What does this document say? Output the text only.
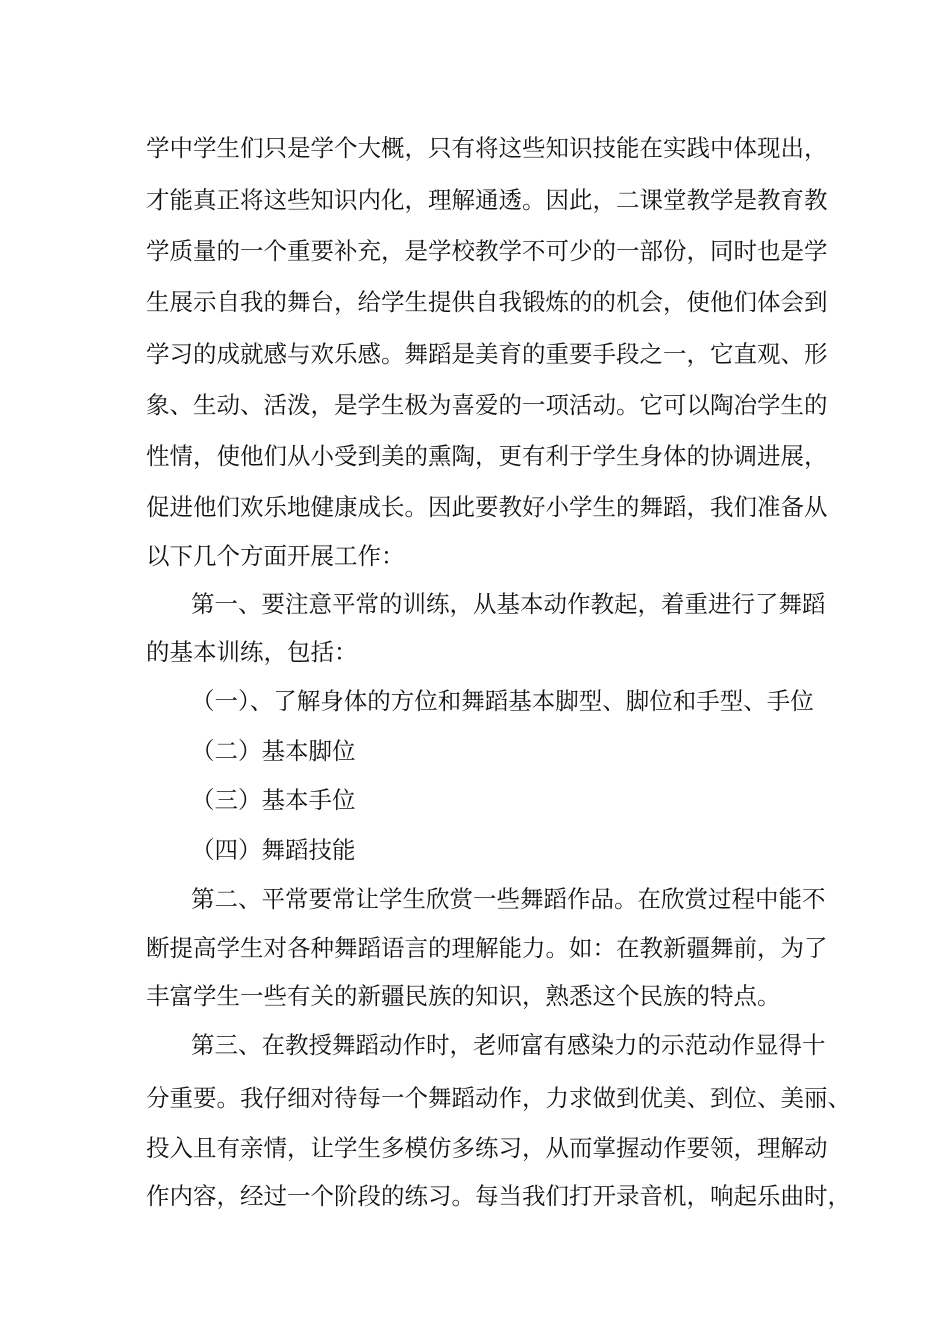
学中学生们只是学个大概，只有将这些知识技能在实践中体现出，

才能真正将这些知识内化，理解通透。因此，二课堂教学是教育教

学质量的一个重要补充，是学校教学不可少的一部份，同时也是学

生展示自我的舞台，给学生提供自我锻炼的的机会，使他们体会到

学习的成就感与欢乐感。舞蹈是美育的重要手段之一，它直观、形

象、生动、活泼，是学生极为喜爱的一项活动。它可以陶冶学生的

性情，使他们从小受到美的熏陶，更有利于学生身体的协调进展，

促进他们欢乐地健康成长。因此要教好小学生的舞蹈，我们准备从

以下几个方面开展工作：

第一、要注意平常的训练，从基本动作教起，着重进行了舞蹈

的基本训练，包括：

（一）、了解身体的方位和舞蹈基本脚型、脚位和手型、手位

（二）基本脚位

（三）基本手位

（四）舞蹈技能

第二、平常要常让学生欣赏一些舞蹈作品。在欣赏过程中能不

断提高学生对各种舞蹈语言的理解能力。如：在教新疆舞前，为了

丰富学生一些有关的新疆民族的知识，熟悉这个民族的特点。

第三、在教授舞蹈动作时，老师富有感染力的示范动作显得十

分重要。我仔细对待每一个舞蹈动作，力求做到优美、到位、美丽、

投入且有亲情，让学生多模仿多练习，从而掌握动作要领，理解动

作内容，经过一个阶段的练习。每当我们打开录音机，响起乐曲时，
